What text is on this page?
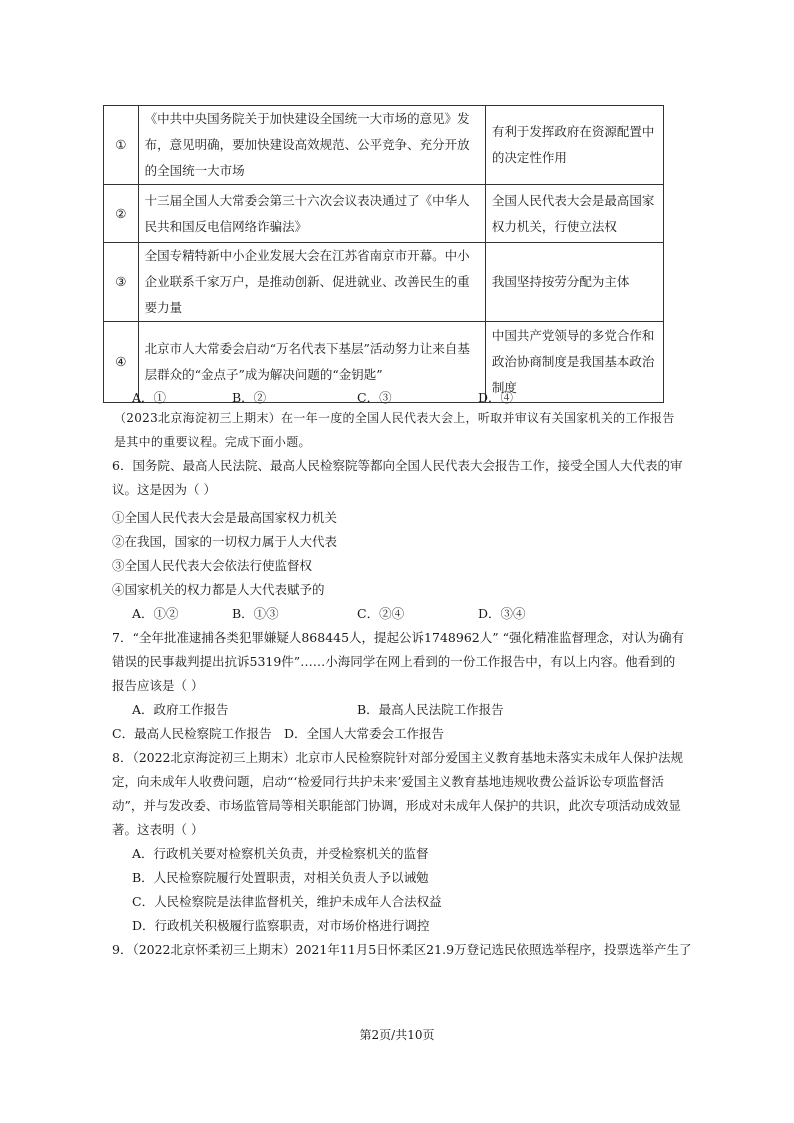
①	《中共中央国务院关于加快建设全国统一大市场的意见》发布，意见明确，要加快建设高效规范、公平竞争、充分开放的全国统一大市场	有利于发挥政府在资源配置中的决定性作用
②	十三届全国人大常委会第三十六次会议表决通过了《中华人民共和国反电信网络诈骗法》	全国人民代表大会是最高国家权力机关，行使立法权
③	全国专精特新中小企业发展大会在江苏省南京市开幕。中小企业联系千家万户，是推动创新、促进就业、改善民生的重要力量	我国坚持按劳分配为主体
④	北京市人大常委会启动“万名代表下基层”活动努力让来自基层群众的“金点子”成为解决问题的“金钥匙”	中国共产党领导的多党合作和政治协商制度是我国基本政治制度
A．①	B．②	C．③	D．④
（2023北京海淀初三上期末）在一年一度的全国人民代表大会上，听取并审议有关国家机关的工作报告是其中的重要议程。完成下面小题。
6．国务院、最高人民法院、最高人民检察院等都向全国人民代表大会报告工作，接受全国人大代表的审议。这是因为（ ）
①全国人民代表大会是最高国家权力机关
②在我国，国家的一切权力属于人大代表
③全国人民代表大会依法行使监督权
④国家机关的权力都是人大代表赋予的
A．①②	B．①③	C．②④	D．③④
7．“全年批准逮捕各类犯罪嫌疑人868445人，提起公诉1748962人” “强化精准监督理念，对认为确有错误的民事裁判提出抗诉5319件”……小海同学在网上看到的一份工作报告中，有以上内容。他看到的报告应该是（ ）
A．政府工作报告	B．最高人民法院工作报告
C．最高人民检察院工作报告 D．全国人大常委会工作报告
8．（2022北京海淀初三上期末）北京市人民检察院针对部分爱国主义教育基地未落实未成年人保护法规定，向未成年人收费问题，启动“‘检爱同行共护未来’爱国主义教育基地违规收费公益诉讼专项监督活动”，并与发改委、市场监管局等相关职能部门协调，形成对未成年人保护的共识，此次专项活动成效显著。这表明（ ）
A．行政机关要对检察机关负责，并受检察机关的监督
B．人民检察院履行处置职责，对相关负责人予以诫勉
C．人民检察院是法律监督机关，维护未成年人合法权益
D．行政机关积极履行监察职责，对市场价格进行调控
9．（2022北京怀柔初三上期末）2021年11月5日怀柔区21.9万登记选民依照选举程序，投票选举产生了
第2页/共10页
